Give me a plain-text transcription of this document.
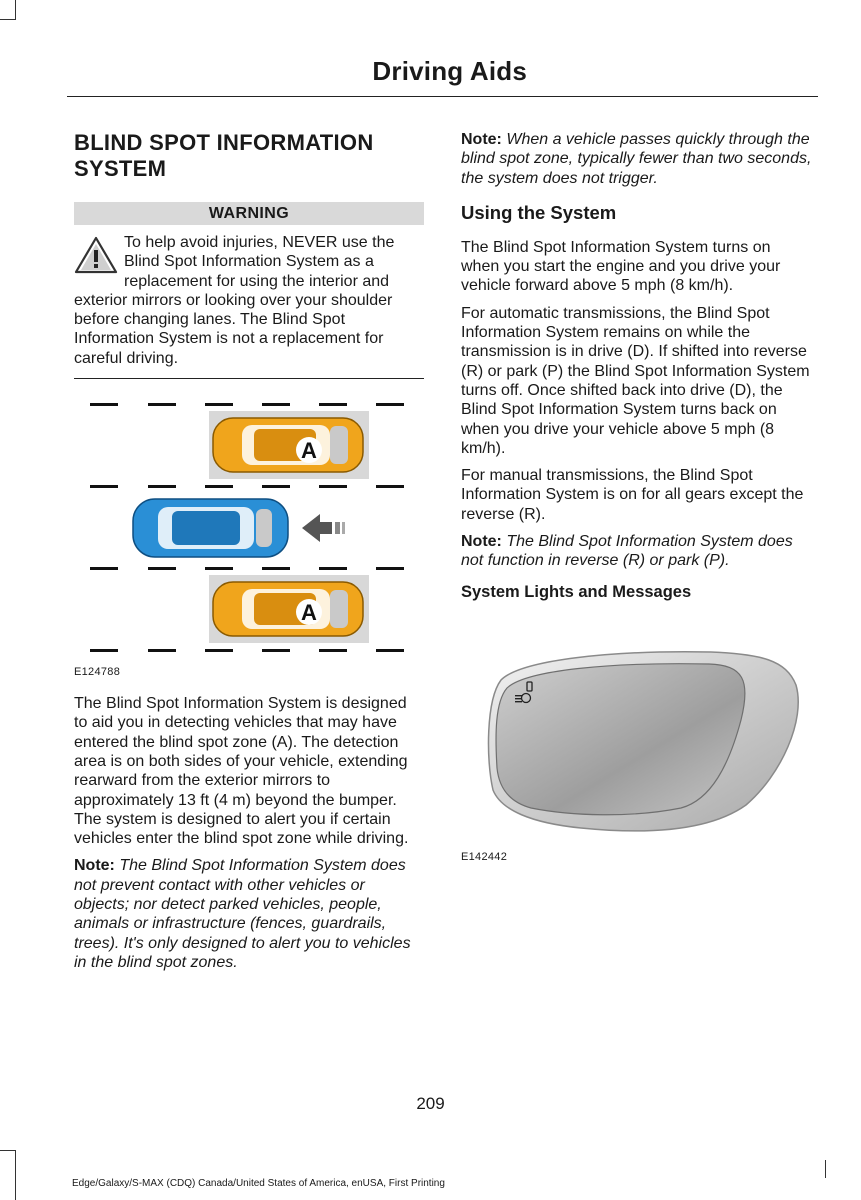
Driving Aids
BLIND SPOT INFORMATION SYSTEM
WARNING
To help avoid injuries, NEVER use the Blind Spot Information System as a replacement for using the interior and exterior mirrors or looking over your shoulder before changing lanes. The Blind Spot Information System is not a replacement for careful driving.
A
A
E124788

The Blind Spot Information System is designed to aid you in detecting vehicles that may have entered the blind spot zone (A). The detection area is on both sides of your vehicle, extending rearward from the exterior mirrors to approximately 13 ft (4 m) beyond the bumper. The system is designed to alert you if certain vehicles enter the blind spot zone while driving.

Note: The Blind Spot Information System does not prevent contact with other vehicles or objects; nor detect parked vehicles, people, animals or infrastructure (fences, guardrails, trees). It's only designed to alert you to vehicles in the blind spot zones.

Note: When a vehicle passes quickly through the blind spot zone, typically fewer than two seconds, the system does not trigger.

Using the System

The Blind Spot Information System turns on when you start the engine and you drive your vehicle forward above 5 mph (8 km/h).

For automatic transmissions, the Blind Spot Information System remains on while the transmission is in drive (D). If shifted into reverse (R) or park (P) the Blind Spot Information System turns off. Once shifted back into drive (D), the Blind Spot Information System turns back on when you drive your vehicle above 5 mph (8 km/h).

For manual transmissions, the Blind Spot Information System is on for all gears except the reverse (R).

Note: The Blind Spot Information System does not function in reverse (R) or park (P).

System Lights and Messages
E142442
209
Edge/Galaxy/S-MAX (CDQ) Canada/United States of America, enUSA, First Printing
